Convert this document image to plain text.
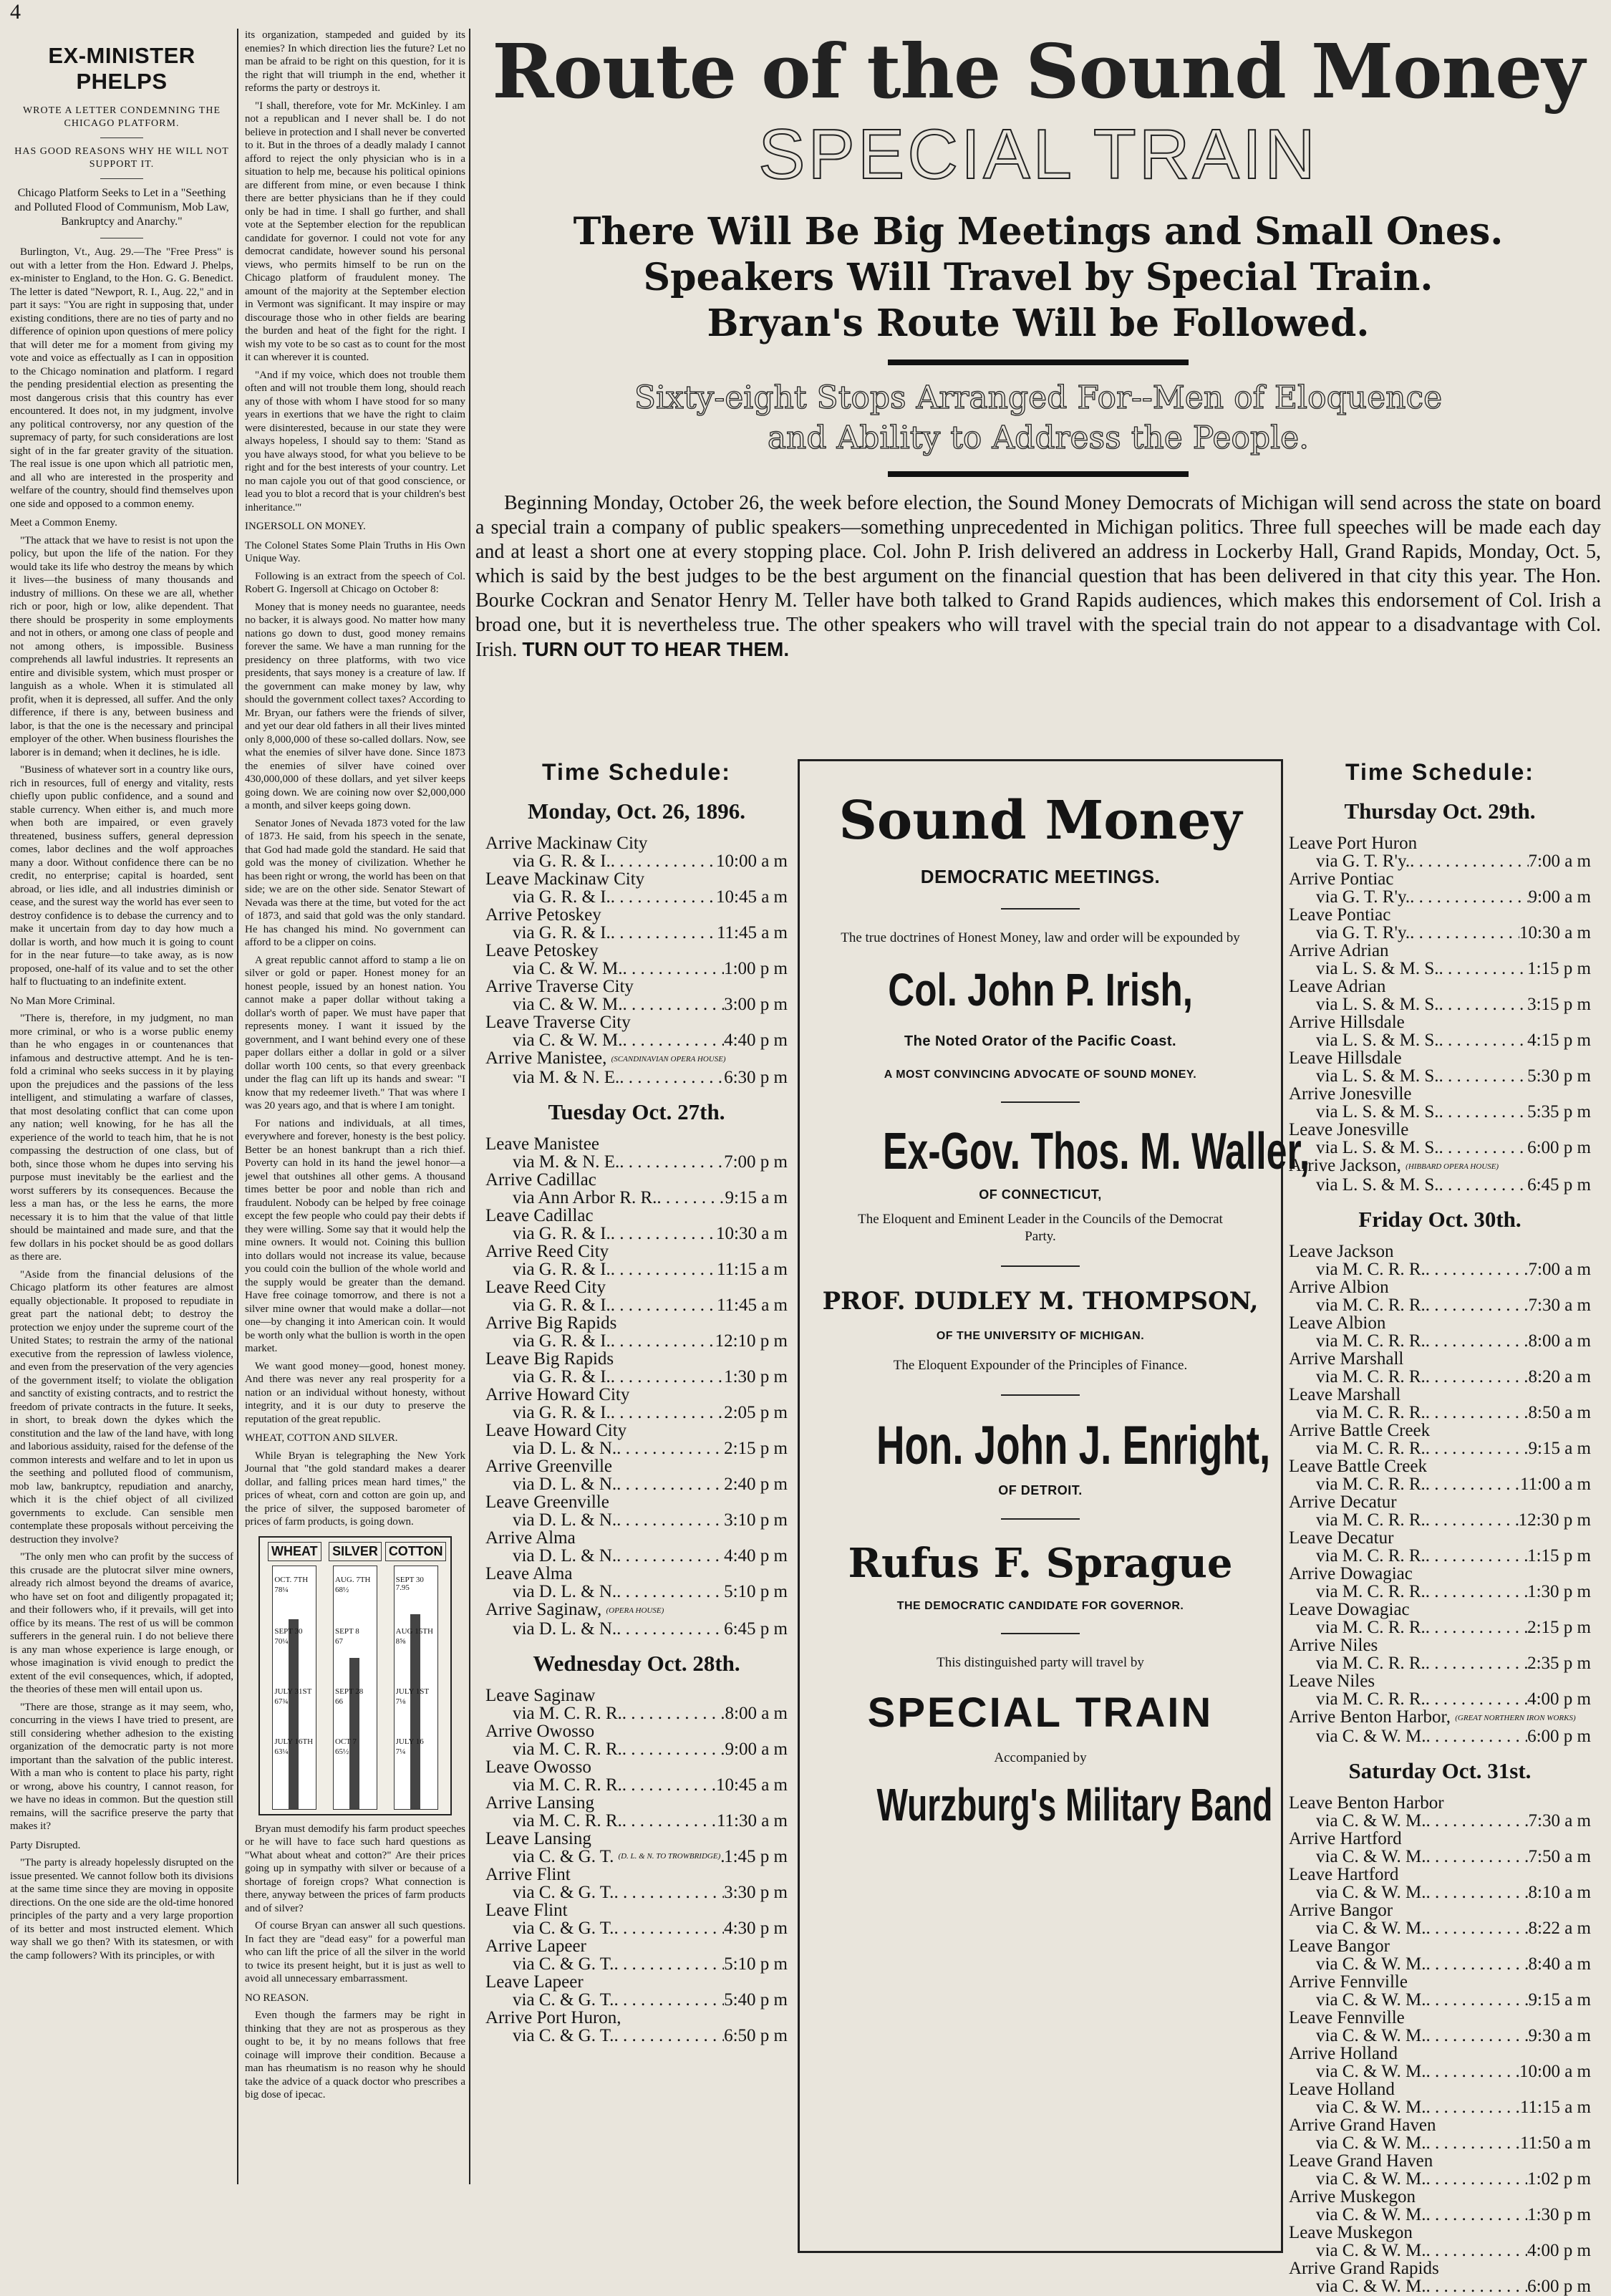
4
EX-MINISTER PHELPS
WROTE A LETTER CONDEMNING THE CHICAGO PLATFORM.
HAS GOOD REASONS WHY HE WILL NOT SUPPORT IT.
Chicago Platform Seeks to Let in a "Seething and Polluted Flood of Communism, Mob Law, Bankruptcy and Anarchy."

Burlington, Vt., Aug. 29.—The "Free Press" is out with a letter from the Hon. Edward J. Phelps, ex-minister to England, to the Hon. G. G. Benedict. The letter is dated "Newport, R. I., Aug. 22," and in part it says: "You are right in supposing that, under existing conditions, there are no ties of party and no difference of opinion upon questions of mere policy that will deter me for a moment from giving my vote and voice as effectually as I can in opposition to the Chicago nomination and platform. I regard the pending presidential election as presenting the most dangerous crisis that this country has ever encountered. It does not, in my judgment, involve any political controversy, nor any question of the supremacy of party, for such considerations are lost sight of in the far greater gravity of the situation. The real issue is one upon which all patriotic men, and all who are interested in the prosperity and welfare of the country, should find themselves upon one side and opposed to a common enemy.

Meet a Common Enemy.

"The attack that we have to resist is not upon the policy, but upon the life of the nation. For they would take its life who destroy the means by which it lives—the business of many thousands and industry of millions. On these we are all, whether rich or poor, high or low, alike dependent. That there should be prosperity in some employments and not in others, or among one class of people and not among others, is impossible. Business comprehends all lawful industries. It represents an entire and divisible system, which must prosper or languish as a whole. When it is stimulated all profit, when it is depressed, all suffer. And the only difference, if there is any, between business and labor, is that the one is the necessary and principal employer of the other. When business flourishes the laborer is in demand; when it declines, he is idle.

"Business of whatever sort in a country like ours, rich in resources, full of energy and vitality, rests chiefly upon public confidence, and a sound and stable currency. When either is, and much more when both are impaired, or even gravely threatened, business suffers, general depression comes, labor declines and the wolf approaches many a door. Without confidence there can be no credit, no enterprise; capital is hoarded, sent abroad, or lies idle, and all industries diminish or cease, and the surest way the world has ever seen to destroy confidence is to debase the currency and to make it uncertain from day to day how much a dollar is worth, and how much it is going to count for in the near future—to take away, as is now proposed, one-half of its value and to set the other half to fluctuating to an indefinite extent.

No Man More Criminal.

"There is, therefore, in my judgment, no man more criminal, or who is a worse public enemy than he who engages in or countenances that infamous and destructive attempt. And he is ten-fold a criminal who seeks success in it by playing upon the prejudices and the passions of the less intelligent, and stimulating a warfare of classes, that most desolating conflict that can come upon any nation; well knowing, for he has all the experience of the world to teach him, that he is not compassing the destruction of one class, but of both, since those whom he dupes into serving his purpose must inevitably be the earliest and the worst sufferers by its consequences. Because the less a man has, or the less he earns, the more necessary it is to him that the value of that little should be maintained and made sure, and that the few dollars in his pocket should be as good dollars as there are.

"Aside from the financial delusions of the Chicago platform its other features are almost equally objectionable. It proposed to repudiate in great part the national debt; to destroy the protection we enjoy under the supreme court of the United States; to restrain the army of the national executive from the repression of lawless violence, and even from the preservation of the very agencies of the government itself; to violate the obligation and sanctity of existing contracts, and to restrict the freedom of private contracts in the future. It seeks, in short, to break down the dykes which the constitution and the law of the land have, with long and laborious assiduity, raised for the defense of the common interests and welfare and to let in upon us the seething and polluted flood of communism, mob law, bankruptcy, repudiation and anarchy, which it is the chief object of all civilized governments to exclude. Can sensible men contemplate these proposals without perceiving the destruction they involve?

"The only men who can profit by the success of this crusade are the plutocrat silver mine owners, already rich almost beyond the dreams of avarice, who have set on foot and diligently propagated it; and their followers who, if it prevails, will get into office by its means. The rest of us will be common sufferers in the general ruin. I do not believe there is any man whose experience is large enough, or whose imagination is vivid enough to predict the extent of the evil consequences, which, if adopted, the theories of these men will entail upon us.

"There are those, strange as it may seem, who, concurring in the views I have tried to present, are still considering whether adhesion to the existing organization of the democratic party is not more important than the salvation of the public interest. With a man who is content to place his party, right or wrong, above his country, I cannot reason, for we have no ideas in common. But the question still remains, will the sacrifice preserve the party that makes it?

Party Disrupted.

"The party is already hopelessly disrupted on the issue presented. We cannot follow both its divisions at the same time since they are moving in opposite directions. On the one side are the old-time honored principles of the party and a very large proportion of its better and most instructed element. Which way shall we go then? With its statesmen, or with the camp followers? With its principles, or with

its organization, stampeded and guided by its enemies? In which direction lies the future? Let no man be afraid to be right on this question, for it is the right that will triumph in the end, whether it reforms the party or destroys it.

"I shall, therefore, vote for Mr. McKinley. I am not a republican and I never shall be. I do not believe in protection and I shall never be converted to it. But in the throes of a deadly malady I cannot afford to reject the only physician who is in a situation to help me, because his political opinions are different from mine, or even because I think there are better physicians than he if they could only be had in time. I shall go further, and shall vote at the September election for the republican candidate for governor. I could not vote for any democrat candidate, however sound his personal views, who permits himself to be run on the Chicago platform of fraudulent money. The amount of the majority at the September election in Vermont was significant. It may inspire or may discourage those who in other fields are bearing the burden and heat of the fight for the right. I wish my vote to be so cast as to count for the most it can wherever it is counted.

"And if my voice, which does not trouble them often and will not trouble them long, should reach any of those with whom I have stood for so many years in exertions that we have the right to claim were disinterested, because in our state they were always hopeless, I should say to them: 'Stand as you have always stood, for what you believe to be right and for the best interests of your country. Let no man cajole you out of that good conscience, or lead you to blot a record that is your children's best inheritance.'"

INGERSOLL ON MONEY.

The Colonel States Some Plain Truths in His Own Unique Way.

Following is an extract from the speech of Col. Robert G. Ingersoll at Chicago on October 8:

Money that is money needs no guarantee, needs no backer, it is always good. No matter how many nations go down to dust, good money remains forever the same. We have a man running for the presidency on three platforms, with two vice presidents, that says money is a creature of law. If the government can make money by law, why should the government collect taxes? According to Mr. Bryan, our fathers were the friends of silver, and yet our dear old fathers in all their lives minted only 8,000,000 of these so-called dollars. Now, see what the enemies of silver have done. Since 1873 the enemies of silver have coined over 430,000,000 of these dollars, and yet silver keeps going down. We are coining now over $2,000,000 a month, and silver keeps going down.

Senator Jones of Nevada 1873 voted for the law of 1873. He said, from his speech in the senate, that God had made gold the standard. He said that gold was the money of civilization. Whether he has been right or wrong, the world has been on that side; we are on the other side. Senator Stewart of Nevada was there at the time, but voted for the act of 1873, and said that gold was the only standard. He has changed his mind. No government can afford to be a clipper on coins.

A great republic cannot afford to stamp a lie on silver or gold or paper. Honest money for an honest people, issued by an honest nation. You cannot make a paper dollar without taking a dollar's worth of paper. We must have paper that represents money. I want it issued by the government, and I want behind every one of these paper dollars either a dollar in gold or a silver dollar worth 100 cents, so that every greenback under the flag can lift up its hands and swear: "I know that my redeemer liveth." That was where I was 20 years ago, and that is where I am tonight.

For nations and individuals, at all times, everywhere and forever, honesty is the best policy. Better be an honest bankrupt than a rich thief. Poverty can hold in its hand the jewel honor—a jewel that outshines all other gems. A thousand times better be poor and noble than rich and fraudulent. Nobody can be helped by free coinage except the few people who could pay their debts if they were willing. Some say that it would help the mine owners. It would not. Coining this bullion into dollars would not increase its value, because you could coin the bullion of the whole world and the supply would be greater than the demand. Have free coinage tomorrow, and there is not a silver mine owner that would make a dollar—not one—by changing it into American coin. It would be worth only what the bullion is worth in the open market.

We want good money—good, honest money. And there was never any real prosperity for a nation or an individual without honesty, without integrity, and it is our duty to preserve the reputation of the great republic.

WHEAT, COTTON AND SILVER.

While Bryan is telegraphing the New York Journal that "the gold standard makes a dearer dollar, and falling prices mean hard times," the prices of wheat, corn and cotton are goin up, and the price of silver, the supposed barometer of prices of farm products, is going down.

WHEAT
OCT. 7TH
78¼
SEPT 30
70¼
JULY 31ST
67¾
JULY 16TH
63¼
SILVER
AUG. 7TH
68½
SEPT 8
67
SEPT 28
66
OCT 7
65½
COTTON
SEPT 30 7.95
AUG 15TH
8⅝
JULY 1ST
7⅛
JULY 16
7¼

Bryan must demodify his farm product speeches or he will have to face such hard questions as "What about wheat and cotton?" Are their prices going up in sympathy with silver or because of a shortage of foreign crops? What connection is there, anyway between the prices of farm products and of silver?

Of course Bryan can answer all such questions. In fact they are "dead easy" for a powerful man who can lift the price of all the silver in the world to twice its present height, but it is just as well to avoid all unnecessary embarrassment.

NO REASON.

Even though the farmers may be right in thinking that they are not as prosperous as they ought to be, it by no means follows that free coinage will improve their condition. Because a man has rheumatism is no reason why he should take the advice of a quack doctor who prescribes a big dose of ipecac.

Route of the Sound Money
SPECIAL TRAIN
There Will Be Big Meetings and Small Ones.
Speakers Will Travel by Special Train.
Bryan's Route Will be Followed.
Sixty-eight Stops Arranged For--Men of Eloquence
and Ability to Address the People.

Beginning Monday, October 26, the week before election, the Sound Money Democrats of Michigan will send across the state on board a special train a company of public speakers—something unprecedented in Michigan politics. Three full speeches will be made each day and at least a short one at every stopping place. Col. John P. Irish delivered an address in Lockerby Hall, Grand Rapids, Monday, Oct. 5, which is said by the best judges to be the best argument on the financial question that has been delivered in that city this year. The Hon. Bourke Cockran and Senator Henry M. Teller have both talked to Grand Rapids audiences, which makes this endorsement of Col. Irish a broad one, but it is nevertheless true. The other speakers who will travel with the special train do not appear to a disadvantage with Col. Irish. TURN OUT TO HEAR THEM.

Time Schedule:
Monday, Oct. 26, 1896.
Arrive Mackinaw City
via G. R. & I. . . .	10:00 a m
Leave Mackinaw City
via G. R. & I. . . .	10:45 a m
Arrive Petoskey
via G. R. & I. . . .	11:45 a m
Leave Petoskey
via C. & W. M. . . .	1:00 p m
Arrive Traverse City
via C. & W. M. . . .	3:00 p m
Leave Traverse City
via C. & W. M. . . .	4:40 p m
Arrive Manistee, (SCANDINAVIAN OPERA HOUSE)
via M. & N. E. . . .	6:30 p m
Tuesday Oct. 27th.
Leave Manistee
via M. & N. E. . . .	7:00 p m
Arrive Cadillac
via Ann Arbor R. R. . . .	9:15 a m
Leave Cadillac
via G. R. & I. . . .	10:30 a m
Arrive Reed City
via G. R. & I. . . .	11:15 a m
Leave Reed City
via G. R. & I. . . .	11:45 a m
Arrive Big Rapids
via G. R. & I. . . .	12:10 p m
Leave Big Rapids
via G. R. & I. . . .	1:30 p m
Arrive Howard City
via G. R. & I. . . .	2:05 p m
Leave Howard City
via D. L. & N. . . .	2:15 p m
Arrive Greenville
via D. L. & N. . . .	2:40 p m
Leave Greenville
via D. L. & N. . . .	3:10 p m
Arrive Alma
via D. L. & N. . . .	4:40 p m
Leave Alma
via D. L. & N. . . .	5:10 p m
Arrive Saginaw, (OPERA HOUSE)
via D. L. & N. . . .	6:45 p m
Wednesday Oct. 28th.
Leave Saginaw
via M. C. R. R. . . .	8:00 a m
Arrive Owosso
via M. C. R. R. . . .	9:00 a m
Leave Owosso
via M. C. R. R. . . .	10:45 a m
Arrive Lansing
via M. C. R. R. . . .	11:30 a m
Leave Lansing
via C. & G. T. (D. L. & N. TO TROWBRIDGE) . . . 1:45 p m
Arrive Flint
via C. & G. T. . . .	3:30 p m
Leave Flint
via C. & G. T. . . .	4:30 p m
Arrive Lapeer
via C. & G. T. . . .	5:10 p m
Leave Lapeer
via C. & G. T. . . .	5:40 p m
Arrive Port Huron,
via C. & G. T. . . .	6:50 p m

Sound Money

DEMOCRATIC MEETINGS.

The true doctrines of Honest Money, law and order will be expounded by

Col. John P. Irish,

The Noted Orator of the Pacific Coast.

A MOST CONVINCING ADVOCATE OF SOUND MONEY.

Ex-Gov. Thos. M. Waller,

OF CONNECTICUT,

The Eloquent and Eminent Leader in the Councils of the Democrat Party.

PROF. DUDLEY M. THOMPSON,

OF THE UNIVERSITY OF MICHIGAN.

The Eloquent Expounder of the Principles of Finance.

Hon. John J. Enright,

OF DETROIT.

Rufus F. Sprague

THE DEMOCRATIC CANDIDATE FOR GOVERNOR.

This distinguished party will travel by

SPECIAL TRAIN

Accompanied by

Wurzburg's Military Band

Time Schedule:
Thursday Oct. 29th.
Leave Port Huron
via G. T. R'y. . . .	7:00 a m
Arrive Pontiac
via G. T. R'y. . . .	9:00 a m
Leave Pontiac
via G. T. R'y. . . .	10:30 a m
Arrive Adrian
via L. S. & M. S. . . .	1:15 p m
Leave Adrian
via L. S. & M. S. . . .	3:15 p m
Arrive Hillsdale
via L. S. & M. S. . . .	4:15 p m
Leave Hillsdale
via L. S. & M. S. . . .	5:30 p m
Arrive Jonesville
via L. S. & M. S. . . .	5:35 p m
Leave Jonesville
via L. S. & M. S. . . .	6:00 p m
Arrive Jackson, (HIBBARD OPERA HOUSE)
via L. S. & M. S. . . .	6:45 p m
Friday Oct. 30th.
Leave Jackson
via M. C. R. R. . . .	7:00 a m
Arrive Albion
via M. C. R. R. . . .	7:30 a m
Leave Albion
via M. C. R. R. . . .	8:00 a m
Arrive Marshall
via M. C. R. R. . . .	8:20 a m
Leave Marshall
via M. C. R. R. . . .	8:50 a m
Arrive Battle Creek
via M. C. R. R. . . .	9:15 a m
Leave Battle Creek
via M. C. R. R. . . .	11:00 a m
Arrive Decatur
via M. C. R. R. . . .	12:30 p m
Leave Decatur
via M. C. R. R. . . .	1:15 p m
Arrive Dowagiac
via M. C. R. R. . . .	1:30 p m
Leave Dowagiac
via M. C. R. R. . . .	2:15 p m
Arrive Niles
via M. C. R. R. . . .	2:35 p m
Leave Niles
via M. C. R. R. . . .	4:00 p m
Arrive Benton Harbor, (GREAT NORTHERN IRON WORKS)
via C. & W. M. . . .	6:00 p m
Saturday Oct. 31st.
Leave Benton Harbor
via C. & W. M. . . .	7:30 a m
Arrive Hartford
via C. & W. M. . . .	7:50 a m
Leave Hartford
via C. & W. M. . . .	8:10 a m
Arrive Bangor
via C. & W. M. . . .	8:22 a m
Leave Bangor
via C. & W. M. . . .	8:40 a m
Arrive Fennville
via C. & W. M. . . .	9:15 a m
Leave Fennville
via C. & W. M. . . .	9:30 a m
Arrive Holland
via C. & W. M. . . .	10:00 a m
Leave Holland
via C. & W. M. . . .	11:15 a m
Arrive Grand Haven
via C. & W. M. . . .	11:50 a m
Leave Grand Haven
via C. & W. M. . . .	1:02 p m
Arrive Muskegon
via C. & W. M. . . .	1:30 p m
Leave Muskegon
via C. & W. M. . . .	4:00 p m
Arrive Grand Rapids
via C. & W. M. . . .	6:00 p m
